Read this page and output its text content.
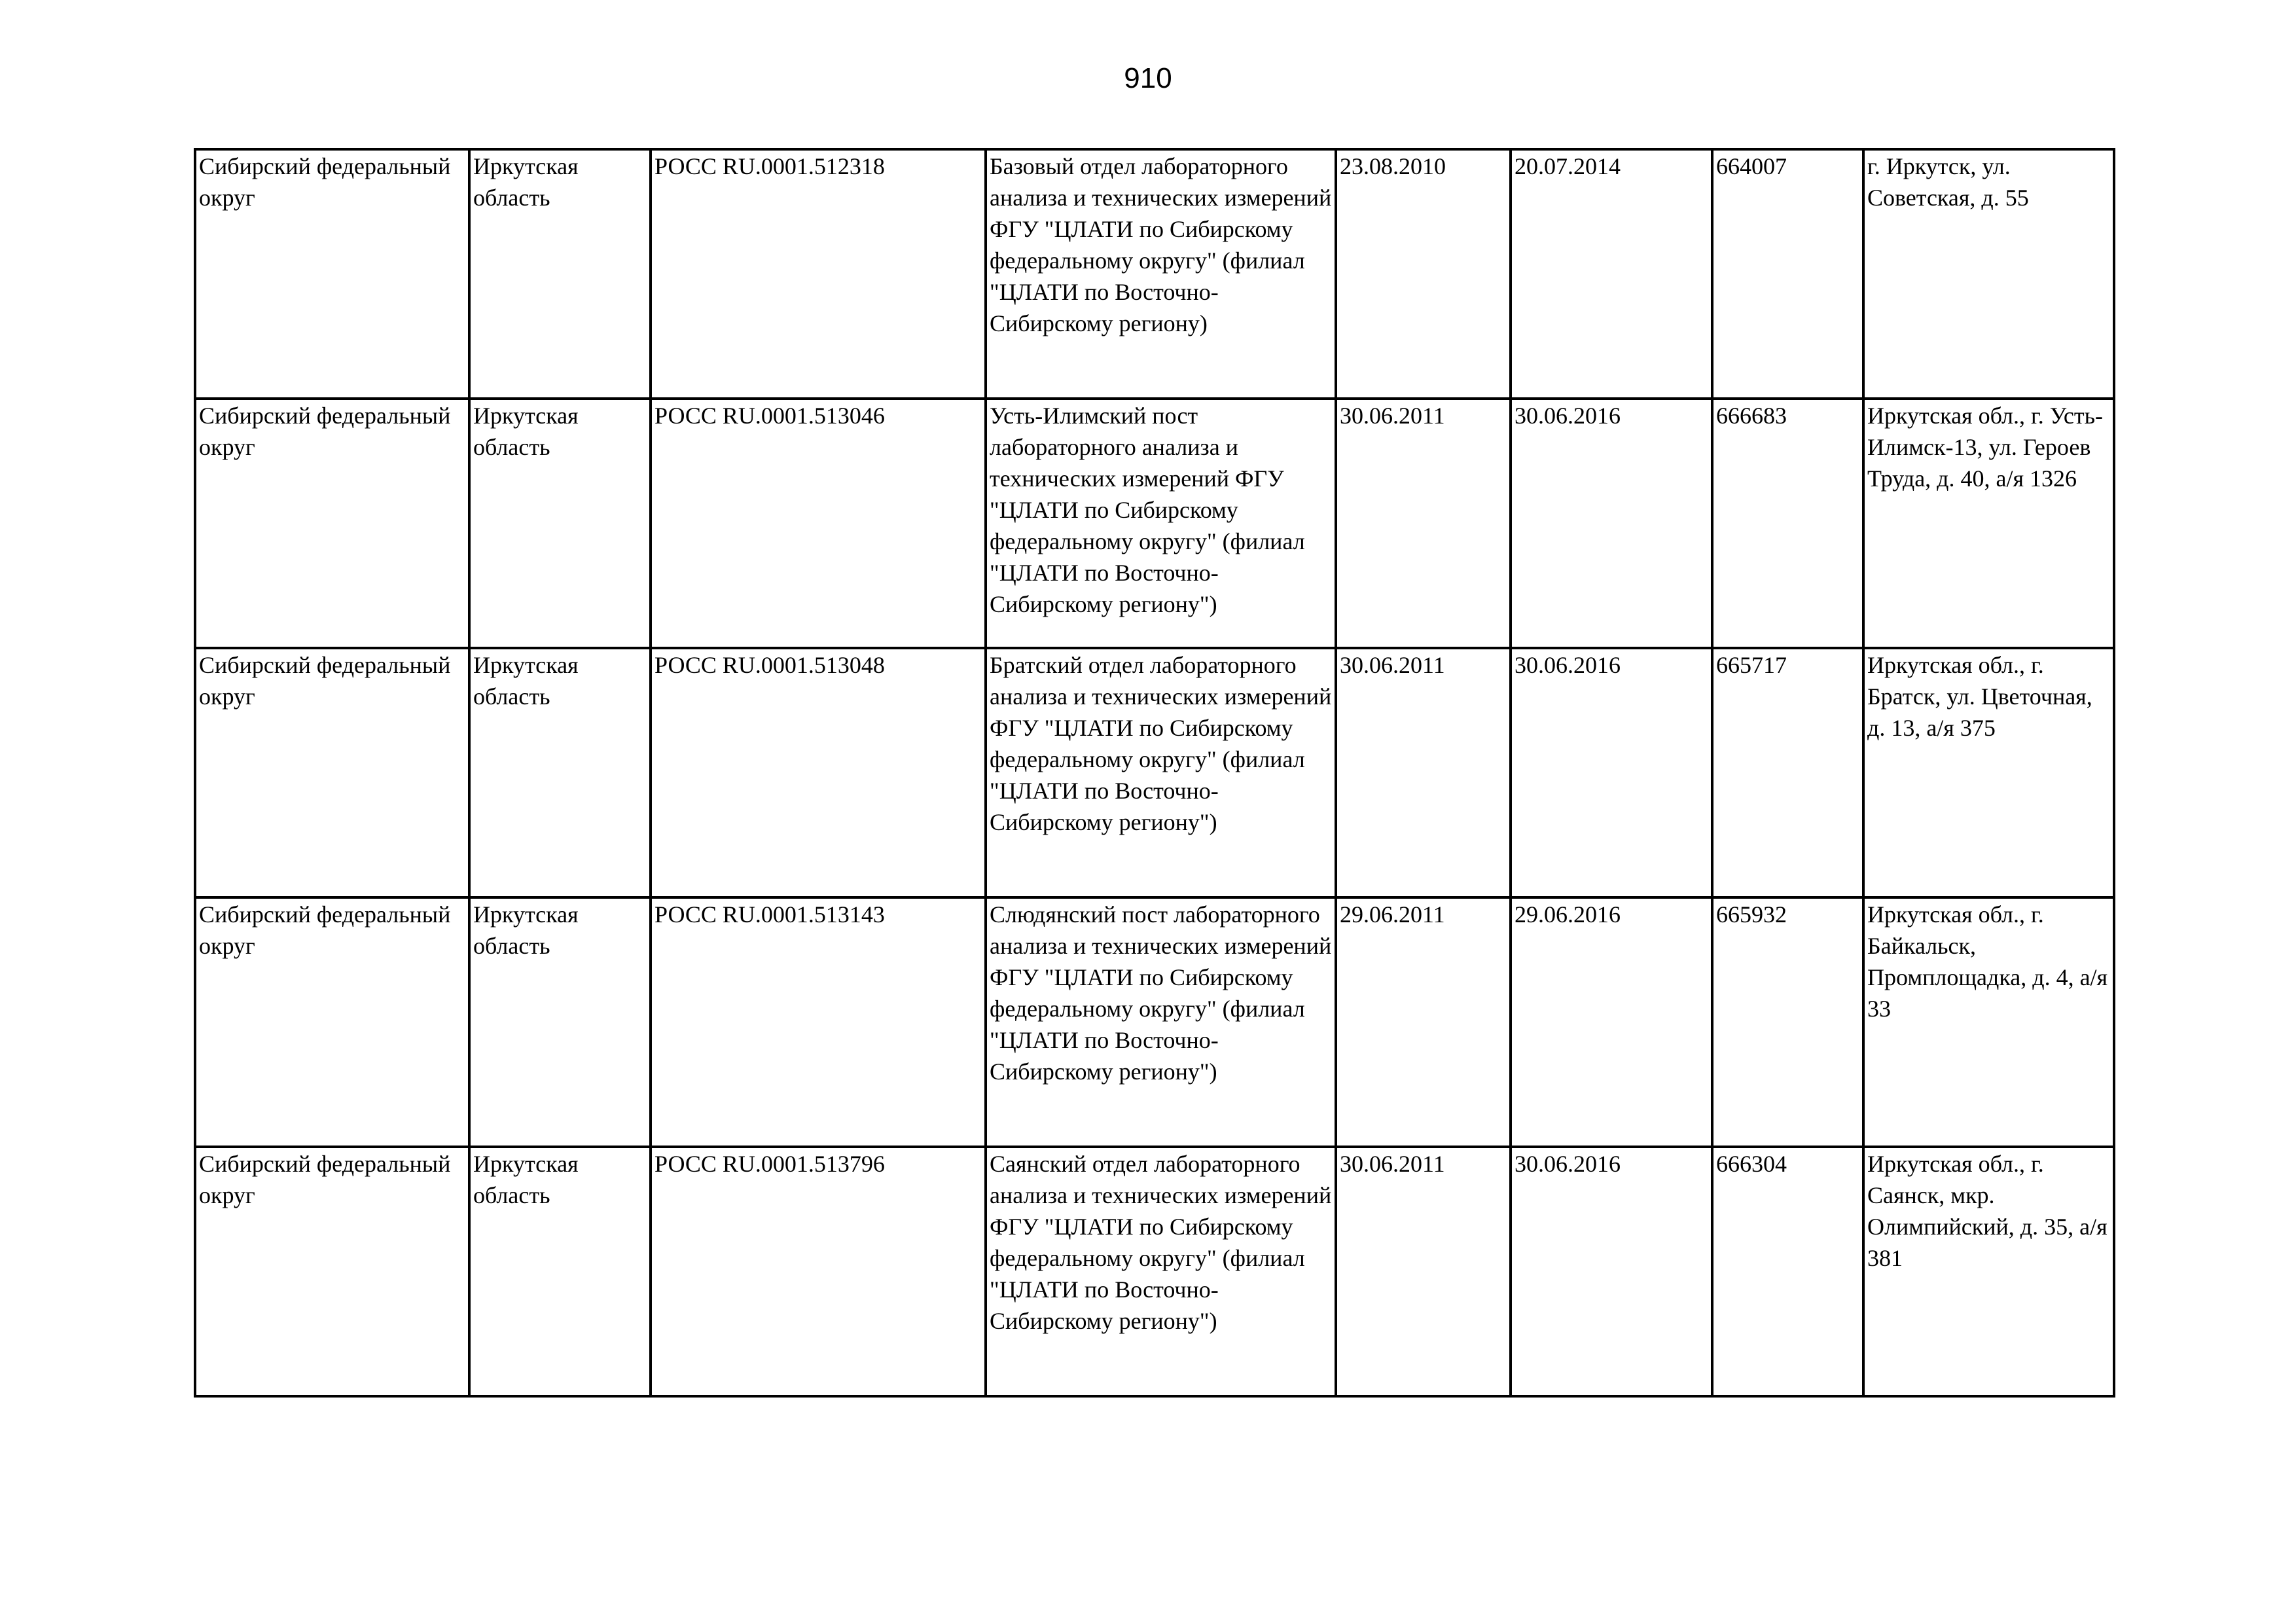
910
Сибирский федеральный округ	Иркутская область	РОСС RU.0001.512318	Базовый отдел лабораторного анализа и технических измерений ФГУ "ЦЛАТИ по Сибирскому федеральному округу" (филиал "ЦЛАТИ по Восточно-Сибирскому региону)	23.08.2010	20.07.2014	664007	г. Иркутск, ул. Советская, д. 55
Сибирский федеральный округ	Иркутская область	РОСС RU.0001.513046	Усть-Илимский пост лабораторного анализа и технических измерений ФГУ "ЦЛАТИ по Сибирскому федеральному округу" (филиал "ЦЛАТИ по Восточно-Сибирскому региону")	30.06.2011	30.06.2016	666683	Иркутская обл., г. Усть-Илимск-13, ул. Героев Труда, д. 40, а/я 1326
Сибирский федеральный округ	Иркутская область	РОСС RU.0001.513048	Братский отдел лабораторного анализа и технических измерений ФГУ "ЦЛАТИ по Сибирскому федеральному округу" (филиал "ЦЛАТИ по Восточно-Сибирскому региону")	30.06.2011	30.06.2016	665717	Иркутская обл., г. Братск, ул. Цветочная, д. 13, а/я 375
Сибирский федеральный округ	Иркутская область	РОСС RU.0001.513143	Слюдянский пост лабораторного анализа и технических измерений ФГУ "ЦЛАТИ по Сибирскому федеральному округу" (филиал "ЦЛАТИ по Восточно-Сибирскому региону")	29.06.2011	29.06.2016	665932	Иркутская обл., г. Байкальск, Промплощадка, д. 4, а/я 33
Сибирский федеральный округ	Иркутская область	РОСС RU.0001.513796	Саянский отдел лабораторного анализа и технических измерений ФГУ "ЦЛАТИ по Сибирскому федеральному округу" (филиал "ЦЛАТИ по Восточно-Сибирскому региону")	30.06.2011	30.06.2016	666304	Иркутская обл., г. Саянск, мкр. Олимпийский, д. 35, а/я 381
